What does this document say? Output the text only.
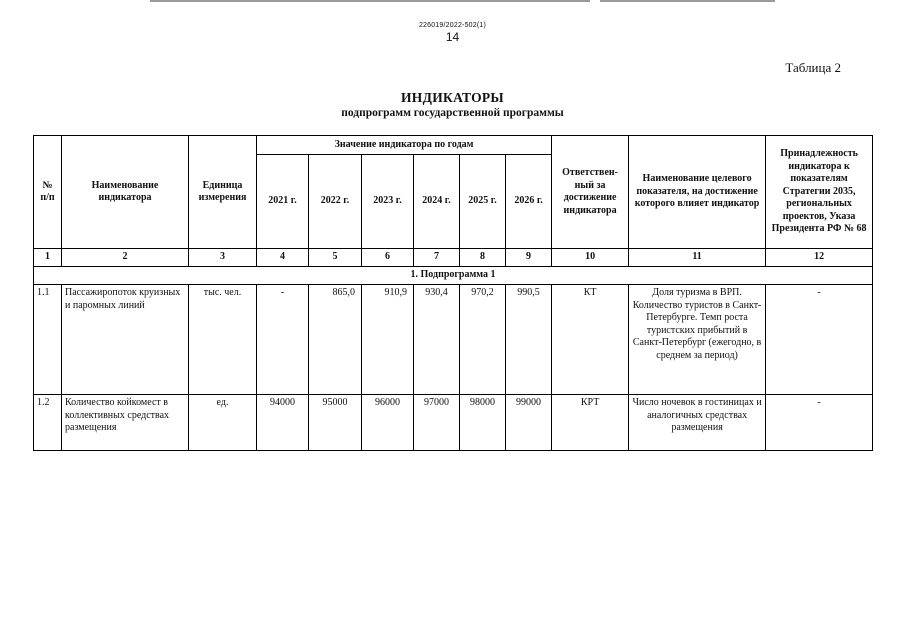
226019/2022-502(1)
14
Таблица 2
ИНДИКАТОРЫ
подпрограмм государственной программы
№ п/п	Наименование индикатора	Единица измерения	Значение индикатора по годам						Ответствен-ный за достижение индикатора	Наименование целевого показателя, на достижение которого влияет индикатор	Принадлежность индикатора к показателям Стратегии 2035, региональных проектов, Указа Президента РФ № 68
			2021 г.	2022 г.	2023 г.	2024 г.	2025 г.	2026 г.			
1	2	3	4	5	6	7	8	9	10	11	12
1. Подпрограмма 1											
1.1	Пассажиропоток круизных и паромных линий	тыс. чел.	-	865,0	910,9	930,4	970,2	990,5	КТ	Доля туризма в ВРП. Количество туристов в Санкт-Петербурге. Темп роста туристских прибытий в Санкт-Петербург (ежегодно, в среднем за период)	-
1.2	Количество койкомест в коллективных средствах размещения	ед.	94000	95000	96000	97000	98000	99000	КРТ	Число ночевок в гостиницах и аналогичных средствах размещения	-
